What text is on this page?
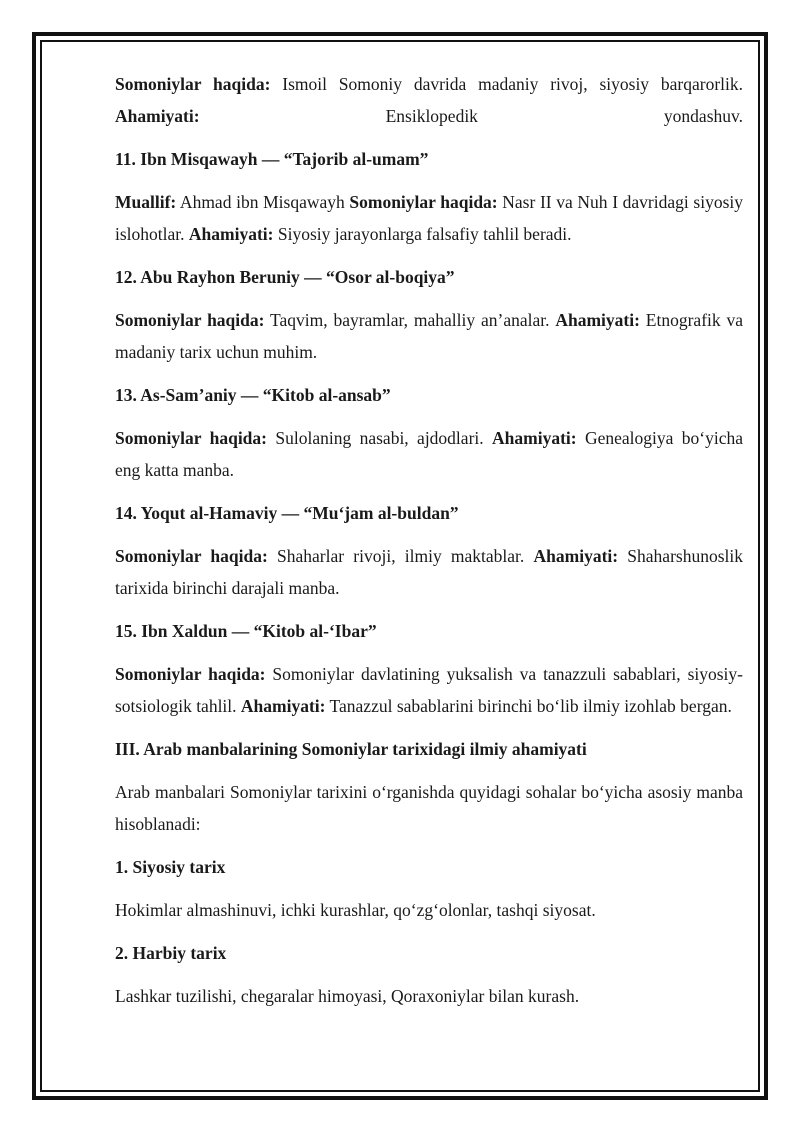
Somoniylar haqida: Ismoil Somoniy davrida madaniy rivoj, siyosiy barqarorlik. Ahamiyati: Ensiklopedik yondashuv.

11. Ibn Misqawayh — “Tajorib al-umam”

Muallif: Ahmad ibn Misqawayh Somoniylar haqida: Nasr II va Nuh I davridagi siyosiy islohotlar. Ahamiyati: Siyosiy jarayonlarga falsafiy tahlil beradi.

12. Abu Rayhon Beruniy — “Osor al-boqiya”

Somoniylar haqida: Taqvim, bayramlar, mahalliy an’analar. Ahamiyati: Etnografik va madaniy tarix uchun muhim.

13. As-Sam’aniy — “Kitob al-ansab”

Somoniylar haqida: Sulolaning nasabi, ajdodlari. Ahamiyati: Genealogiya bo‘yicha eng katta manba.

14. Yoqut al-Hamaviy — “Mu‘jam al-buldan”

Somoniylar haqida: Shaharlar rivoji, ilmiy maktablar. Ahamiyati: Shaharshunoslik tarixida birinchi darajali manba.

15. Ibn Xaldun — “Kitob al-‘Ibar”

Somoniylar haqida: Somoniylar davlatining yuksalish va tanazzuli sabablari, siyosiy-sotsiologik tahlil. Ahamiyati: Tanazzul sabablarini birinchi bo‘lib ilmiy izohlab bergan.

III. Arab manbalarining Somoniylar tarixidagi ilmiy ahamiyati

Arab manbalari Somoniylar tarixini o‘rganishda quyidagi sohalar bo‘yicha asosiy manba hisoblanadi:

1. Siyosiy tarix

Hokimlar almashinuvi, ichki kurashlar, qo‘zg‘olonlar, tashqi siyosat.

2. Harbiy tarix

Lashkar tuzilishi, chegaralar himoyasi, Qoraxoniylar bilan kurash.
